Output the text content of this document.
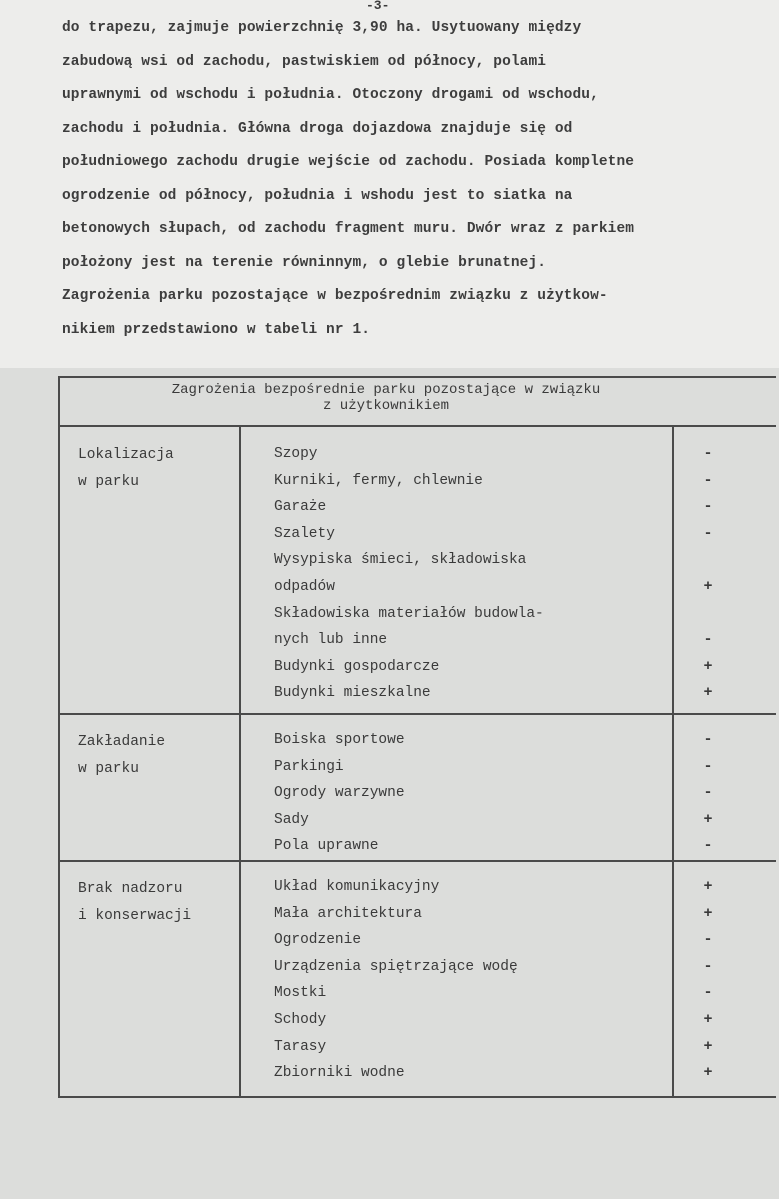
-3-
do trapezu, zajmuje powierzchnię 3,90 ha. Usytuowany między
zabudową wsi od zachodu, pastwiskiem od północy, polami
uprawnymi od wschodu i południa. Otoczony drogami od wschodu,
zachodu i południa. Główna droga dojazdowa znajduje się od
południowego zachodu drugie wejście od zachodu. Posiada kompletne
ogrodzenie od północy, południa i wshodu jest to siatka na
betonowych słupach, od zachodu fragment muru. Dwór wraz z parkiem
położony jest na terenie równinnym, o glebie brunatnej.
Zagrożenia parku pozostające w bezpośrednim związku z użytkow-
nikiem przedstawiono w tabeli nr 1.
Zagrożenia bezpośrednie parku pozostające w związku
z użytkownikiem
Lokalizacja
w parku
Szopy
Kurniki, fermy, chlewnie
Garaże
Szalety
Wysypiska śmieci, składowiska
odpadów
Składowiska materiałów budowla-
nych lub inne
Budynki gospodarcze
Budynki mieszkalne
-
-
-
-
+
-
+
+
Zakładanie
w parku
Boiska sportowe
Parkingi
Ogrody warzywne
Sady
Pola uprawne
-
-
-
+
-
Brak nadzoru
i konserwacji
Układ komunikacyjny
Mała architektura
Ogrodzenie
Urządzenia spiętrzające wodę
Mostki
Schody
Tarasy
Zbiorniki wodne
+
+
-
-
-
+
+
+
